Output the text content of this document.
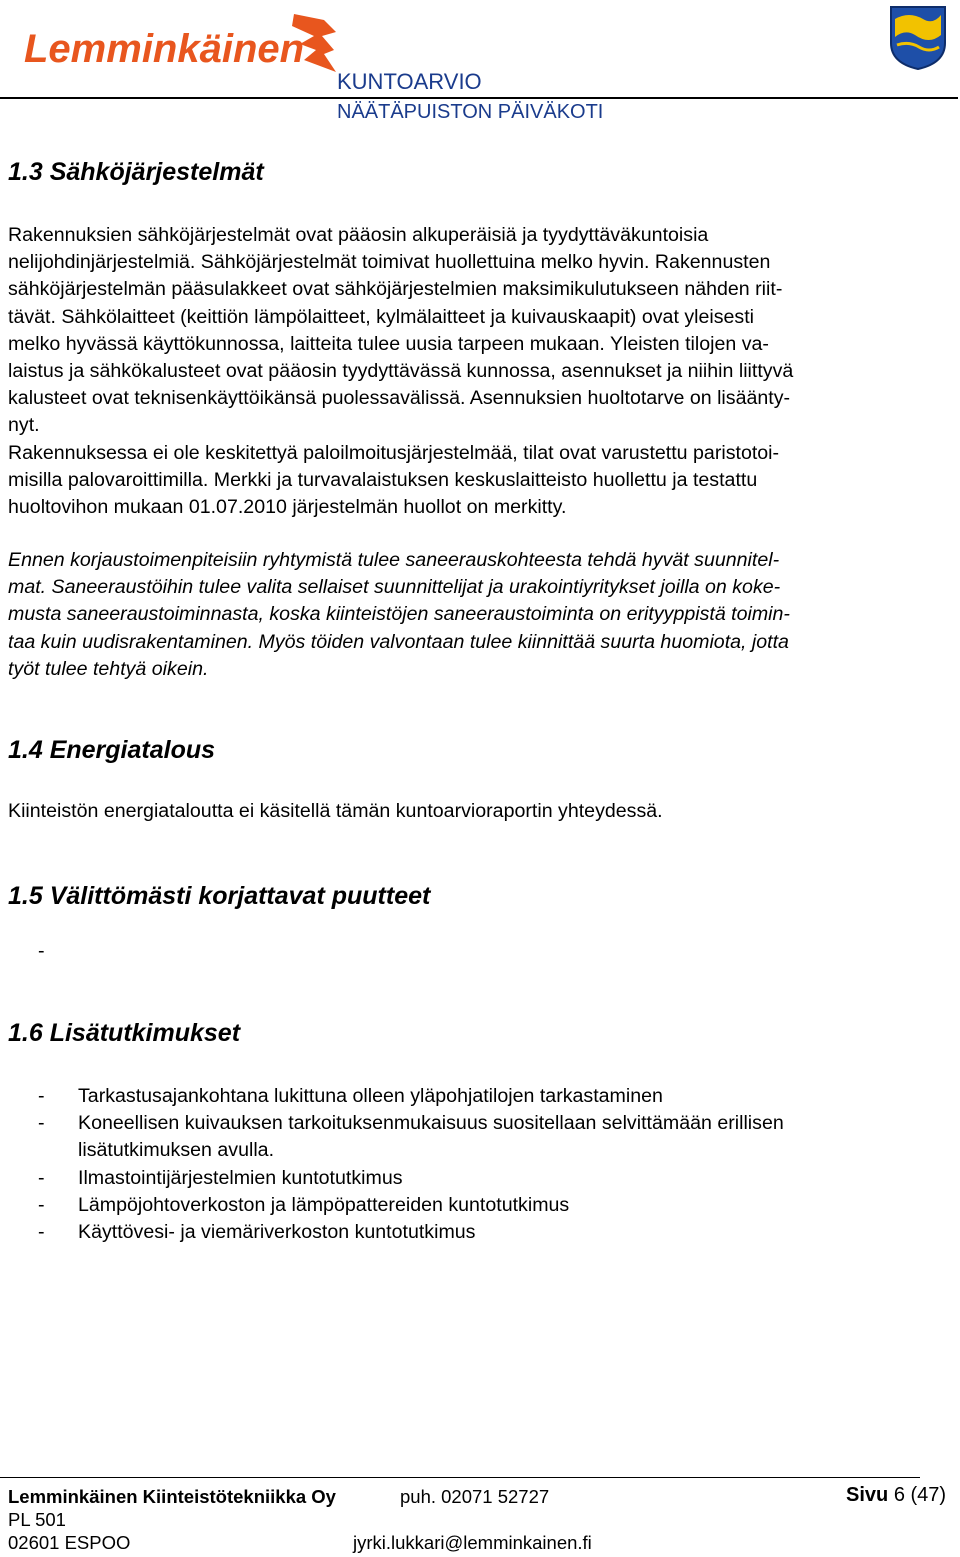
Lemminkäinen
KUNTOARVIO
NÄÄTÄPUISTON PÄIVÄKOTI
1.3 Sähköjärjestelmät
Rakennuksien sähköjärjestelmät ovat pääosin alkuperäisiä ja tyydyttäväkuntoisia
nelijohdinjärjestelmiä. Sähköjärjestelmät toimivat huollettuina melko hyvin. Rakennusten
sähköjärjestelmän pääsulakkeet ovat sähköjärjestelmien maksimikulutukseen nähden riit-
tävät. Sähkölaitteet (keittiön lämpölaitteet, kylmälaitteet ja kuivauskaapit) ovat yleisesti
melko hyvässä käyttökunnossa, laitteita tulee uusia tarpeen mukaan. Yleisten tilojen va-
laistus ja sähkökalusteet ovat pääosin tyydyttävässä kunnossa, asennukset ja niihin liittyvä
kalusteet ovat teknisenkäyttöikänsä puolessavälissä. Asennuksien huoltotarve on lisäänty-
nyt.
Rakennuksessa ei ole keskitettyä paloilmoitusjärjestelmää, tilat ovat varustettu paristotoi-
misilla palovaroittimilla. Merkki ja turvavalaistuksen keskuslaitteisto huollettu ja testattu
huoltovihon mukaan 01.07.2010 järjestelmän huollot on merkitty.
Ennen korjaustoimenpiteisiin ryhtymistä tulee saneerauskohteesta tehdä hyvät suunnitel-
mat. Saneeraustöihin tulee valita sellaiset suunnittelijat ja urakointiyritykset joilla on koke-
musta saneeraustoiminnasta, koska kiinteistöjen saneeraustoiminta on erityyppistä toimin-
taa kuin uudisrakentaminen. Myös töiden valvontaan tulee kiinnittää suurta huomiota, jotta
työt tulee tehtyä oikein.
1.4 Energiatalous
Kiinteistön energiataloutta ei käsitellä tämän kuntoarvioraportin yhteydessä.
1.5 Välittömästi korjattavat puutteet
-
1.6 Lisätutkimukset
- Tarkastusajankohtana lukittuna olleen yläpohjatilojen tarkastaminen
- Koneellisen kuivauksen tarkoituksenmukaisuus suositellaan selvittämään erillisen
lisätutkimuksen avulla.
- Ilmastointijärjestelmien kuntotutkimus
- Lämpöjohtoverkoston ja lämpöpattereiden kuntotutkimus
- Käyttövesi- ja viemäriverkoston kuntotutkimus
Lemminkäinen Kiinteistötekniikka Oy	puh. 02071 52727	Sivu 6 (47)
PL 501
02601 ESPOO	jyrki.lukkari@lemminkainen.fi
